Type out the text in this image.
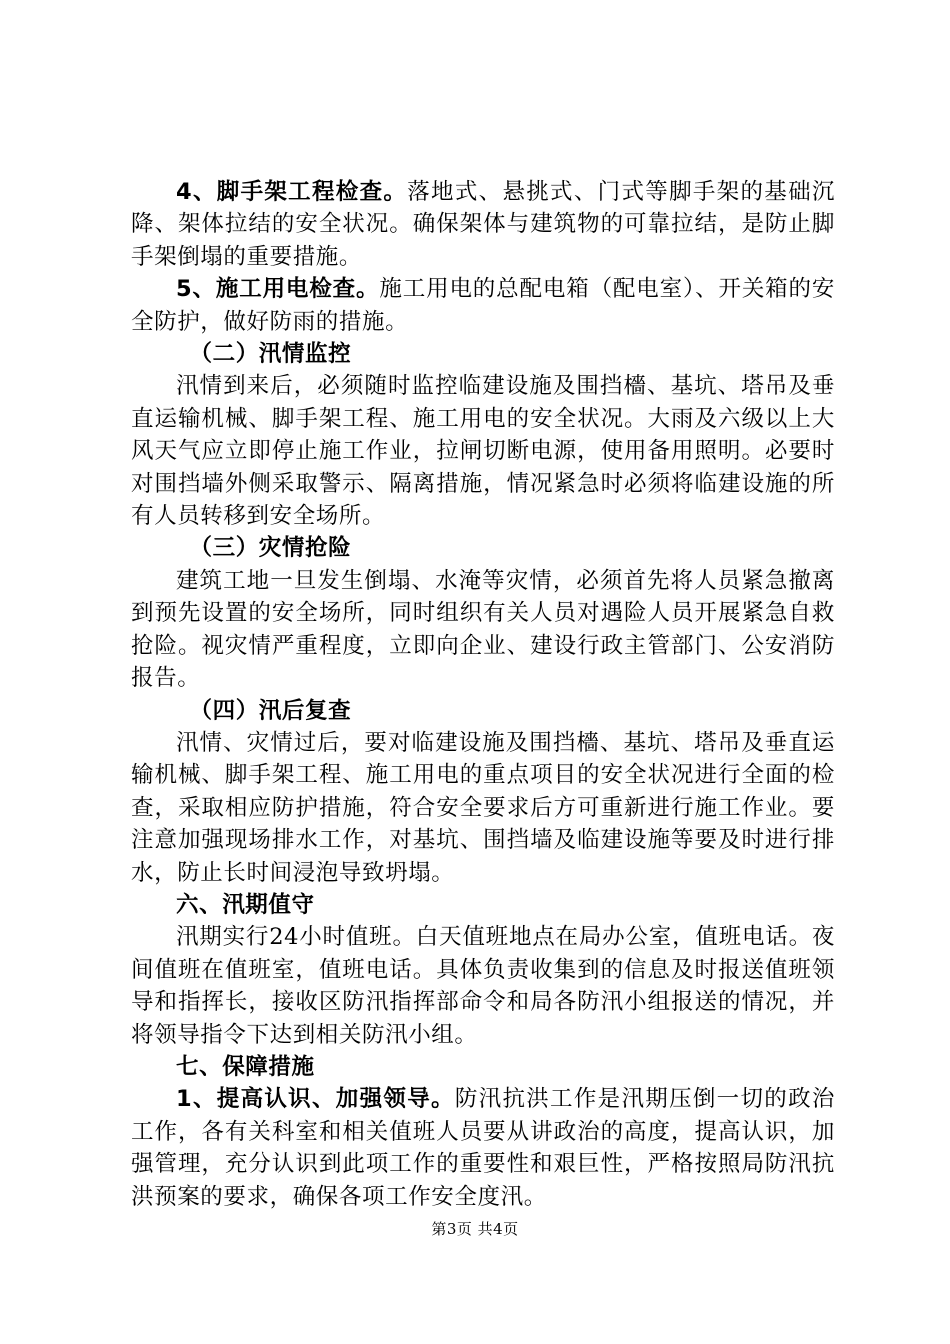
4、脚手架工程检查。落地式、悬挑式、门式等脚手架的基础沉降、架体拉结的安全状况。确保架体与建筑物的可靠拉结，是防止脚手架倒塌的重要措施。

5、施工用电检查。施工用电的总配电箱（配电室）、开关箱的安全防护，做好防雨的措施。

（二）汛情监控

汛情到来后，必须随时监控临建设施及围挡檣、基坑、塔吊及垂直运输机械、脚手架工程、施工用电的安全状况。大雨及六级以上大风天气应立即停止施工作业，拉闸切断电源，使用备用照明。必要时对围挡墙外侧采取警示、隔离措施，情况紧急时必须将临建设施的所有人员转移到安全场所。

（三）灾情抢险

建筑工地一旦发生倒塌、水淹等灾情，必须首先将人员紧急撤离到预先设置的安全场所，同时组织有关人员对遇险人员开展紧急自救抢险。视灾情严重程度，立即向企业、建设行政主管部门、公安消防报告。

（四）汛后复查

汛情、灾情过后，要对临建设施及围挡檣、基坑、塔吊及垂直运输机械、脚手架工程、施工用电的重点项目的安全状况进行全面的检查，采取相应防护措施，符合安全要求后方可重新进行施工作业。要注意加强现场排水工作，对基坑、围挡墙及临建设施等要及时进行排水，防止长时间浸泡导致坍塌。

六、汛期值守

汛期实行24小时值班。白天值班地点在局办公室，值班电话。夜间值班在值班室，值班电话。具体负责收集到的信息及时报送值班领导和指挥长，接收区防汛指挥部命令和局各防汛小组报送的情况，并将领导指令下达到相关防汛小组。

七、保障措施

1、提高认识、加强领导。防汛抗洪工作是汛期压倒一切的政治工作，各有关科室和相关值班人员要从讲政治的高度，提高认识，加强管理，充分认识到此项工作的重要性和艰巨性，严格按照局防汛抗洪预案的要求，确保各项工作安全度汛。

第3页 共4页
